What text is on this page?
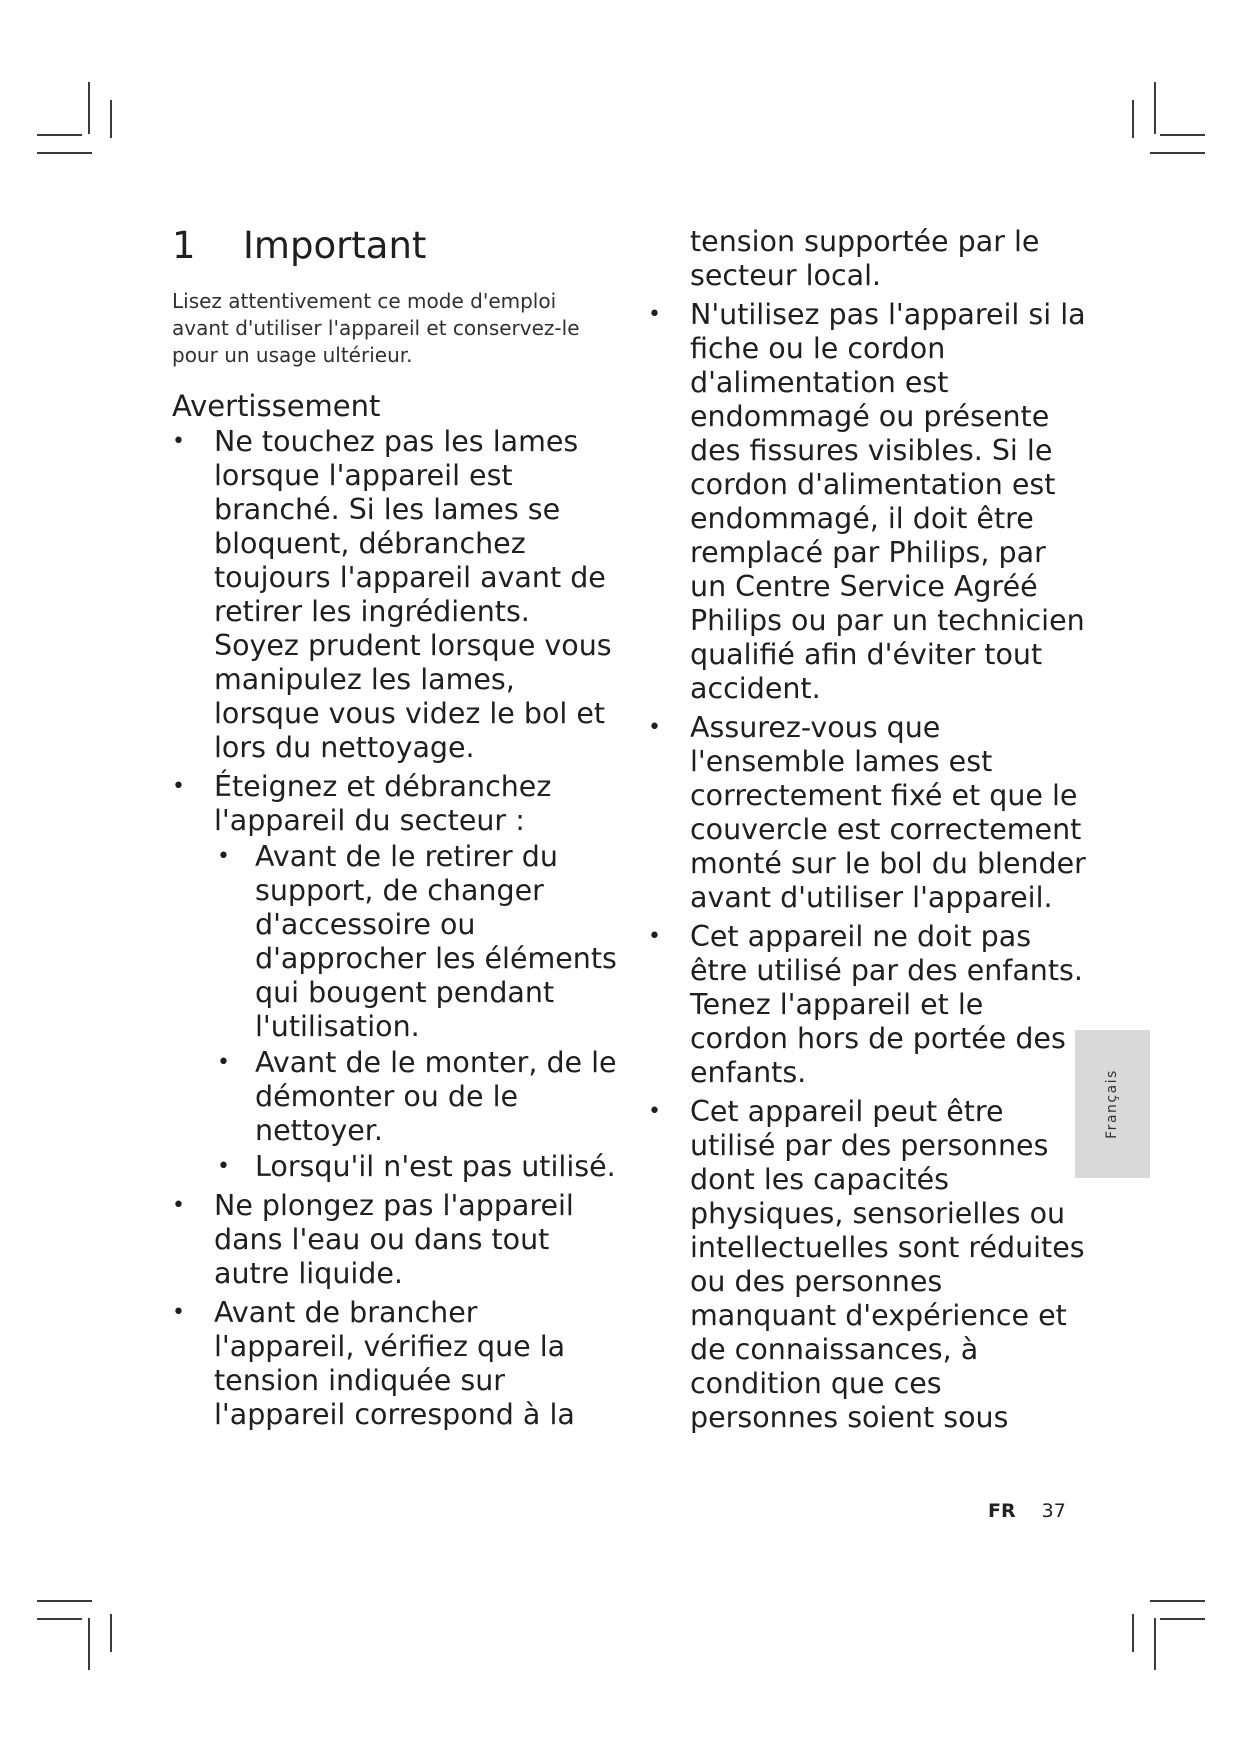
1	Important

Lisez attentivement ce mode d'emploi avant d'utiliser l'appareil et conservez-le pour un usage ultérieur.

Avertissement
• Ne touchez pas les lames lorsque l'appareil est branché. Si les lames se bloquent, débranchez toujours l'appareil avant de retirer les ingrédients. Soyez prudent lorsque vous manipulez les lames, lorsque vous videz le bol et lors du nettoyage.
• Éteignez et débranchez l'appareil du secteur :
• Avant de le retirer du support, de changer d'accessoire ou d'approcher les éléments qui bougent pendant l'utilisation.
• Avant de le monter, de le démonter ou de le nettoyer.
• Lorsqu'il n'est pas utilisé.
• Ne plongez pas l'appareil dans l'eau ou dans tout autre liquide.
• Avant de brancher l'appareil, vérifiez que la tension indiquée sur l'appareil correspond à la
tension supportée par le secteur local.
• N'utilisez pas l'appareil si la fiche ou le cordon d'alimentation est endommagé ou présente des fissures visibles. Si le cordon d'alimentation est endommagé, il doit être remplacé par Philips, par un Centre Service Agréé Philips ou par un technicien qualifié afin d'éviter tout accident.
• Assurez-vous que l'ensemble lames est correctement fixé et que le couvercle est correctement monté sur le bol du blender avant d'utiliser l'appareil.
• Cet appareil ne doit pas être utilisé par des enfants. Tenez l'appareil et le cordon hors de portée des enfants.
• Cet appareil peut être utilisé par des personnes dont les capacités physiques, sensorielles ou intellectuelles sont réduites ou des personnes manquant d'expérience et de connaissances, à condition que ces personnes soient sous
Français
FR 37
